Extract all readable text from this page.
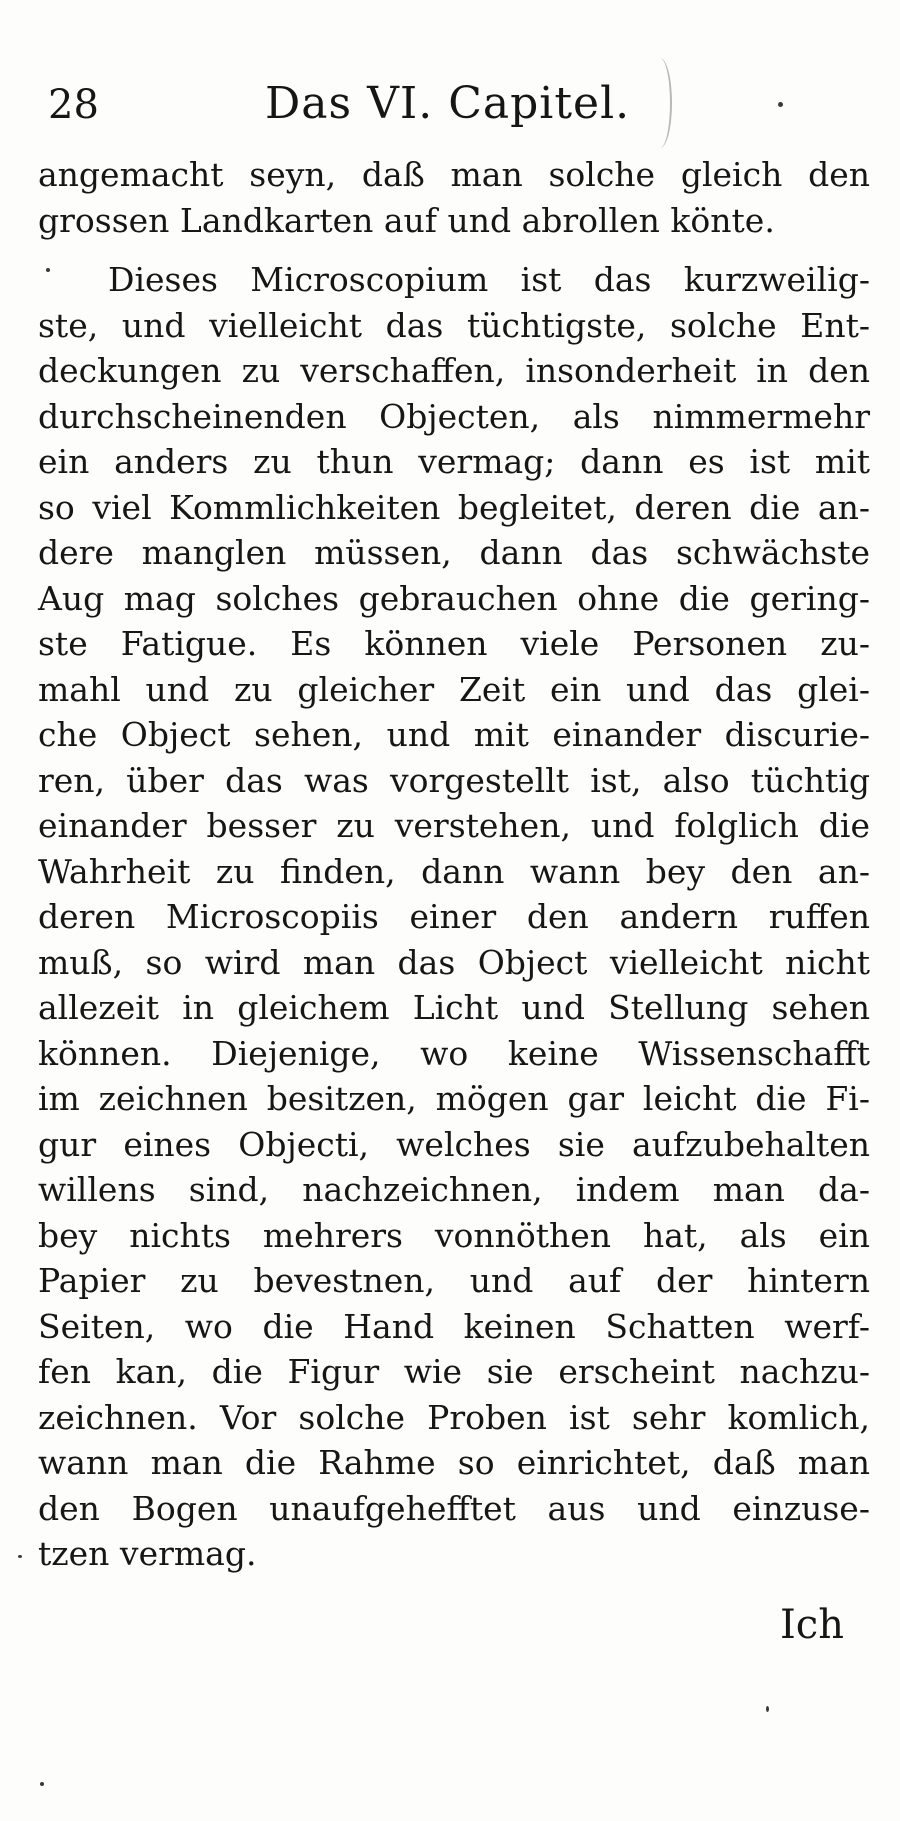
28	Das VI. Capitel.
angemacht seyn, daß man solche gleich den
grossen Landkarten auf und abrollen könte.
Dieses Microscopium ist das kurzweilig-
ste, und vielleicht das tüchtigste, solche Ent-
deckungen zu verschaffen, insonderheit in den
durchscheinenden Objecten, als nimmermehr
ein anders zu thun vermag; dann es ist mit
so viel Kommlichkeiten begleitet, deren die an-
dere manglen müssen, dann das schwächste
Aug mag solches gebrauchen ohne die gering-
ste Fatigue. Es können viele Personen zu-
mahl und zu gleicher Zeit ein und das glei-
che Object sehen, und mit einander discurie-
ren, über das was vorgestellt ist, also tüchtig
einander besser zu verstehen, und folglich die
Wahrheit zu finden, dann wann bey den an-
deren Microscopiis einer den andern ruffen
muß, so wird man das Object vielleicht nicht
allezeit in gleichem Licht und Stellung sehen
können. Diejenige, wo keine Wissenschafft
im zeichnen besitzen, mögen gar leicht die Fi-
gur eines Objecti, welches sie aufzubehalten
willens sind, nachzeichnen, indem man da-
bey nichts mehrers vonnöthen hat, als ein
Papier zu bevestnen, und auf der hintern
Seiten, wo die Hand keinen Schatten werf-
fen kan, die Figur wie sie erscheint nachzu-
zeichnen. Vor solche Proben ist sehr komlich,
wann man die Rahme so einrichtet, daß man
den Bogen unaufgeheﬀtet aus und einzuse-
tzen vermag.
Ich
